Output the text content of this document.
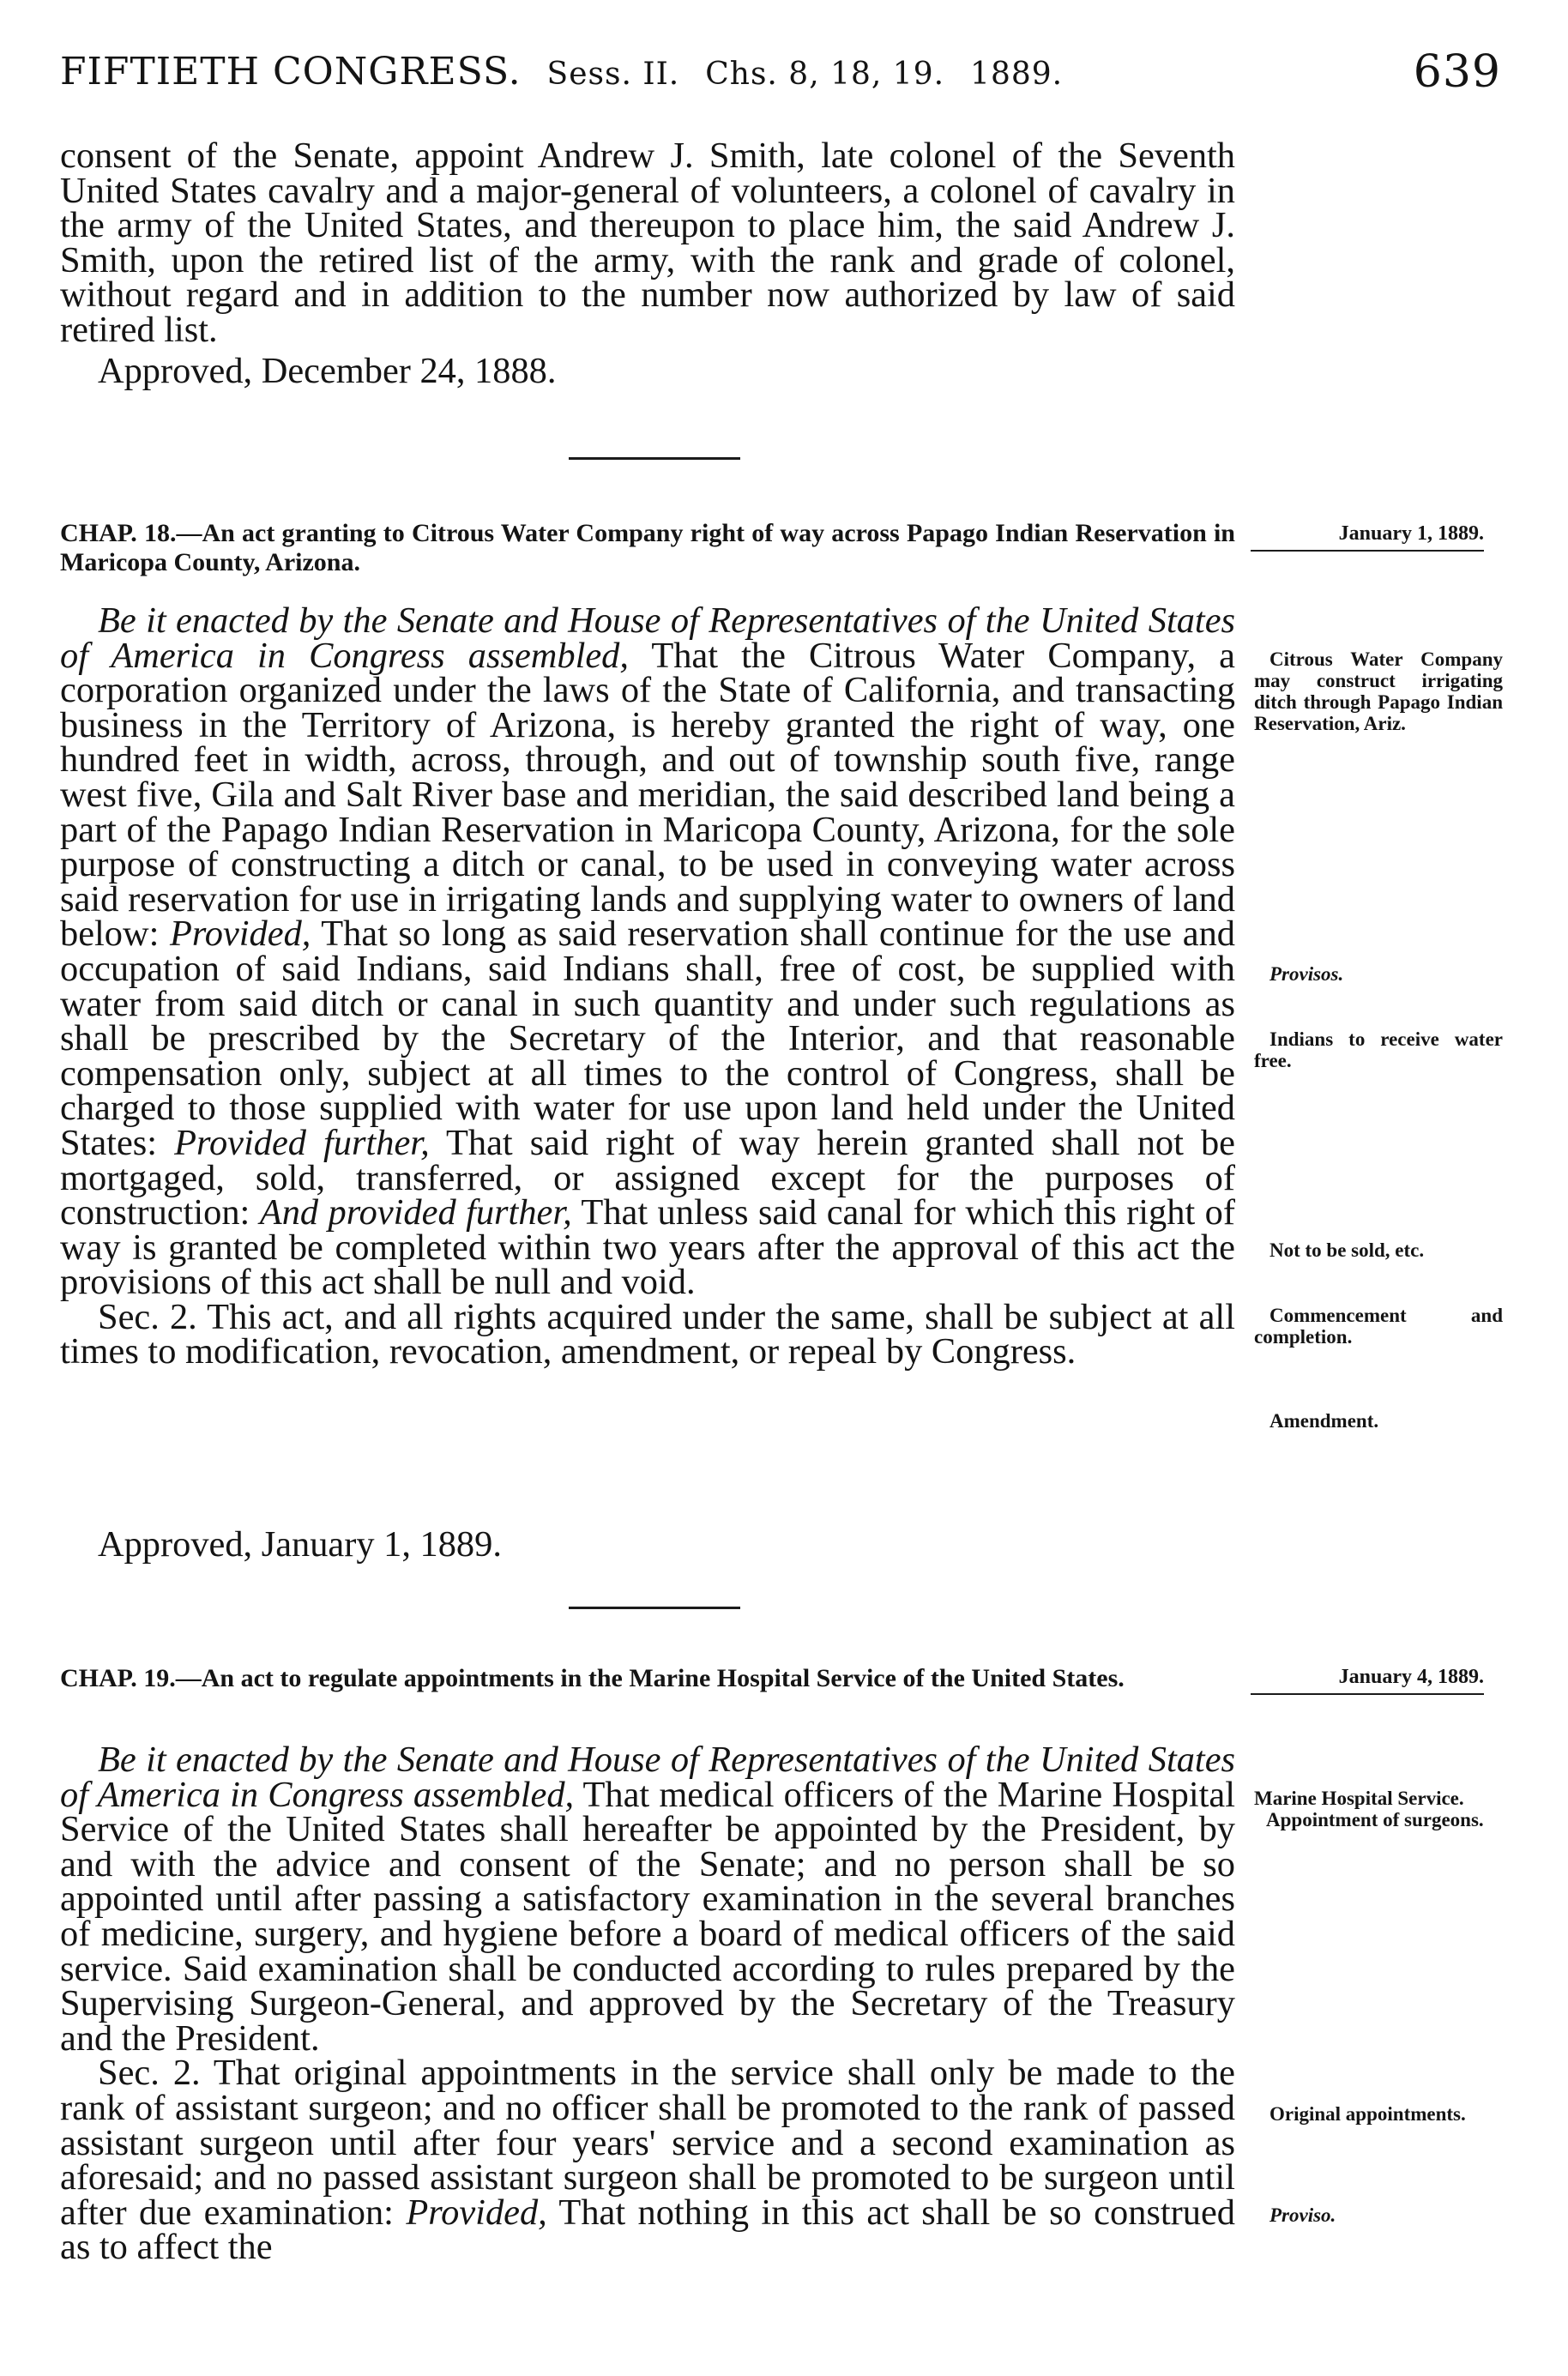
FIFTIETH CONGRESS. Sess. II. Chs. 8, 18, 19. 1889.	639

consent of the Senate, appoint Andrew J. Smith, late colonel of the Seventh United States cavalry and a major-general of volunteers, a colonel of cavalry in the army of the United States, and thereupon to place him, the said Andrew J. Smith, upon the retired list of the army, with the rank and grade of colonel, without regard and in addition to the number now authorized by law of said retired list.

Approved, December 24, 1888.
CHAP. 18.—An act granting to Citrous Water Company right of way across Papago Indian Reservation in Maricopa County, Arizona.
January 1, 1889.

Be it enacted by the Senate and House of Representatives of the United States of America in Congress assembled, That the Citrous Water Company, a corporation organized under the laws of the State of California, and transacting business in the Territory of Arizona, is hereby granted the right of way, one hundred feet in width, across, through, and out of township south five, range west five, Gila and Salt River base and meridian, the said described land being a part of the Papago Indian Reservation in Maricopa County, Arizona, for the sole purpose of constructing a ditch or canal, to be used in conveying water across said reservation for use in irrigating lands and supplying water to owners of land below: Provided, That so long as said reservation shall continue for the use and occupation of said Indians, said Indians shall, free of cost, be supplied with water from said ditch or canal in such quantity and under such regulations as shall be prescribed by the Secretary of the Interior, and that reasonable compensation only, subject at all times to the control of Congress, shall be charged to those supplied with water for use upon land held under the United States: Provided further, That said right of way herein granted shall not be mortgaged, sold, transferred, or assigned except for the purposes of construction: And provided further, That unless said canal for which this right of way is granted be completed within two years after the approval of this act the provisions of this act shall be null and void.

Sec. 2. This act, and all rights acquired under the same, shall be subject at all times to modification, revocation, amendment, or repeal by Congress.

Approved, January 1, 1889.
Citrous Water Company may construct irrigating ditch through Papago Indian Reservation, Ariz.
Provisos.
Indians to receive water free.
Not to be sold, etc.
Commencement and completion.
Amendment.
CHAP. 19.—An act to regulate appointments in the Marine Hospital Service of the United States.	January 4, 1889.

Be it enacted by the Senate and House of Representatives of the United States of America in Congress assembled, That medical officers of the Marine Hospital Service of the United States shall hereafter be appointed by the President, by and with the advice and consent of the Senate; and no person shall be so appointed until after passing a satisfactory examination in the several branches of medicine, surgery, and hygiene before a board of medical officers of the said service. Said examination shall be conducted according to rules prepared by the Supervising Surgeon-General, and approved by the Secretary of the Treasury and the President.

Sec. 2. That original appointments in the service shall only be made to the rank of assistant surgeon; and no officer shall be promoted to the rank of passed assistant surgeon until after four years' service and a second examination as aforesaid; and no passed assistant surgeon shall be promoted to be surgeon until after due examination: Provided, That nothing in this act shall be so construed as to affect the

Marine Hospital Service.
Appointment of surgeons.
Original appointments.
Proviso.
